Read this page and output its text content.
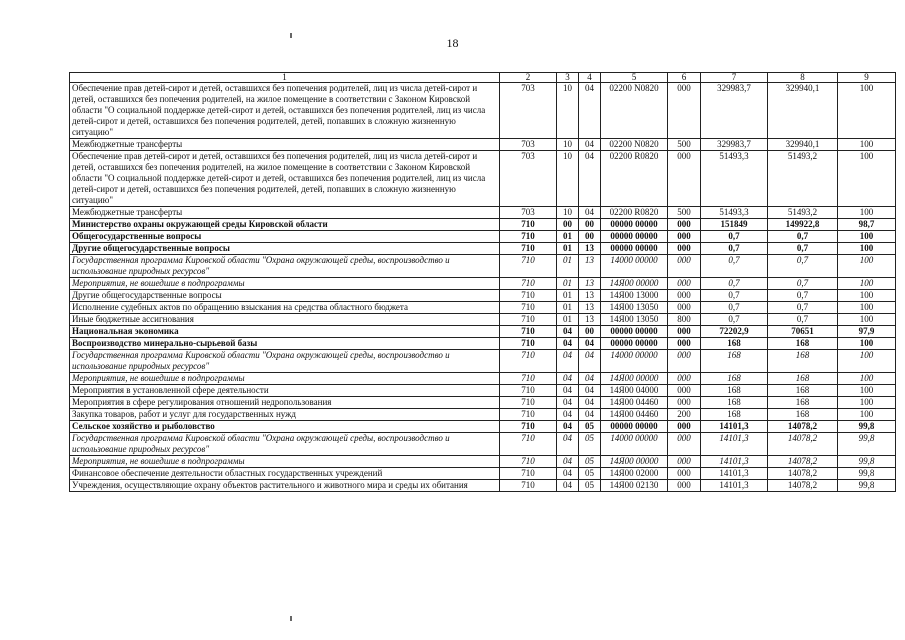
18
1	2	3	4	5	6	7	8	9
Обеспечение прав детей-сирот и детей, оставшихся без попечения родителей, лиц из числа детей-сирот и детей, оставшихся без попечения родителей, на жилое помещение в соответствии с Законом Кировской области "О социальной поддержке детей-сирот и детей, оставшихся без попечения родителей, лиц из числа детей-сирот и детей, оставшихся без попечения родителей, детей, попавших в сложную жизненную ситуацию"	703	10	04	02200 N0820	000	329983,7	329940,1	100
Межбюджетные трансферты	703	10	04	02200 N0820	500	329983,7	329940,1	100
Обеспечение прав детей-сирот и детей, оставшихся без попечения родителей, лиц из числа детей-сирот и детей, оставшихся без попечения родителей, на жилое помещение в соответствии с Законом Кировской области "О социальной поддержке детей-сирот и детей, оставшихся без попечения родителей, лиц из числа детей-сирот и детей, оставшихся без попечения родителей, детей, попавших в сложную жизненную ситуацию"	703	10	04	02200 R0820	000	51493,3	51493,2	100
Межбюджетные трансферты	703	10	04	02200 R0820	500	51493,3	51493,2	100
Министерство охраны окружающей среды Кировской области	710	00	00	00000 00000	000	151849	149922,8	98,7
Общегосударственные вопросы	710	01	00	00000 00000	000	0,7	0,7	100
Другие общегосударственные вопросы	710	01	13	00000 00000	000	0,7	0,7	100
Государственная программа Кировской области "Охрана окружающей среды, воспроизводство и использование природных ресурсов"	710	01	13	14000 00000	000	0,7	0,7	100
Мероприятия, не вошедшие в подпрограммы	710	01	13	14Я00 00000	000	0,7	0,7	100
Другие общегосударственные вопросы	710	01	13	14Я00 13000	000	0,7	0,7	100
Исполнение судебных актов по обращению взыскания на средства областного бюджета	710	01	13	14Я00 13050	000	0,7	0,7	100
Иные бюджетные ассигнования	710	01	13	14Я00 13050	800	0,7	0,7	100
Национальная экономика	710	04	00	00000 00000	000	72202,9	70651	97,9
Воспроизводство минерально-сырьевой базы	710	04	04	00000 00000	000	168	168	100
Государственная программа Кировской области "Охрана окружающей среды, воспроизводство и использование природных ресурсов"	710	04	04	14000 00000	000	168	168	100
Мероприятия, не вошедшие в подпрограммы	710	04	04	14Я00 00000	000	168	168	100
Мероприятия в установленной сфере деятельности	710	04	04	14Я00 04000	000	168	168	100
Мероприятия в сфере регулирования отношений недропользования	710	04	04	14Я00 04460	000	168	168	100
Закупка товаров, работ и услуг для государственных нужд	710	04	04	14Я00 04460	200	168	168	100
Сельское хозяйство и рыболовство	710	04	05	00000 00000	000	14101,3	14078,2	99,8
Государственная программа Кировской области "Охрана окружающей среды, воспроизводство и использование природных ресурсов"	710	04	05	14000 00000	000	14101,3	14078,2	99,8
Мероприятия, не вошедшие в подпрограммы	710	04	05	14Я00 00000	000	14101,3	14078,2	99,8
Финансовое обеспечение деятельности областных государственных учреждений	710	04	05	14Я00 02000	000	14101,3	14078,2	99,8
Учреждения, осуществляющие охрану объектов растительного и животного мира и среды их обитания	710	04	05	14Я00 02130	000	14101,3	14078,2	99,8
